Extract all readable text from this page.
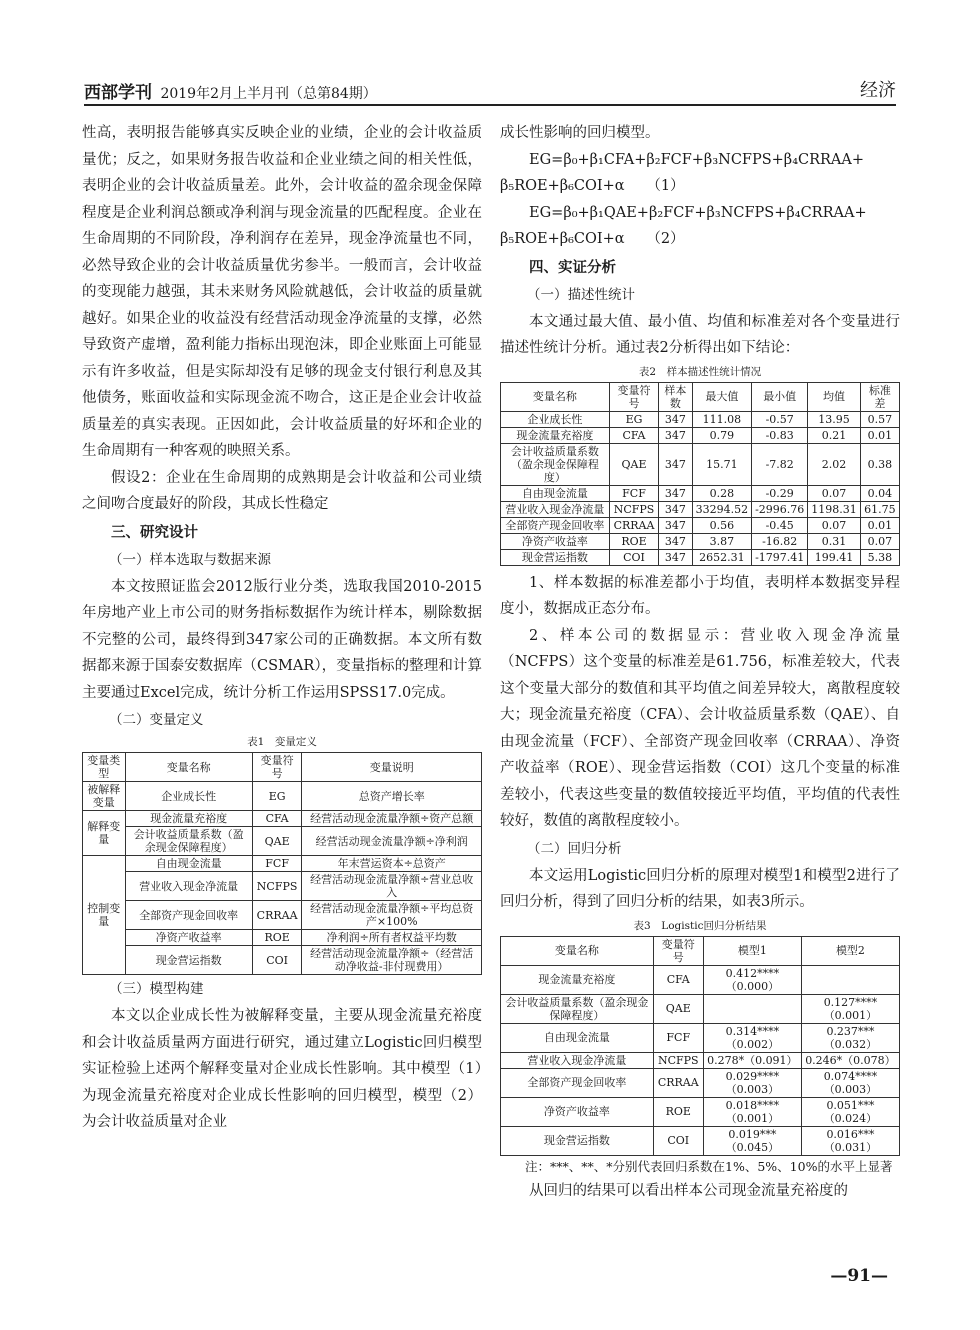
西部学刊 2019年2月上半月刊（总第84期）	经济

性高，表明报告能够真实反映企业的业绩，企业的会计收益质量优；反之，如果财务报告收益和企业业绩之间的相关性低，表明企业的会计收益质量差。此外，会计收益的盈余现金保障程度是企业利润总额或净利润与现金流量的匹配程度。企业在生命周期的不同阶段，净利润存在差异，现金净流量也不同，必然导致企业的会计收益质量优劣参半。一般而言，会计收益的变现能力越强，其未来财务风险就越低，会计收益的质量就越好。如果企业的收益没有经营活动现金净流量的支撑，必然导致资产虚增，盈利能力指标出现泡沫，即企业账面上可能显示有许多收益，但是实际却没有足够的现金支付银行利息及其他债务，账面收益和实际现金流不吻合，这正是企业会计收益质量差的真实表现。正因如此，会计收益质量的好坏和企业的生命周期有一种客观的映照关系。

假设2：企业在生命周期的成熟期是会计收益和公司业绩之间吻合度最好的阶段，其成长性稳定

三、研究设计
（一）样本选取与数据来源

本文按照证监会2012版行业分类，选取我国2010-2015年房地产业上市公司的财务指标数据作为统计样本，剔除数据不完整的公司，最终得到347家公司的正确数据。本文所有数据都来源于国泰安数据库（CSMAR），变量指标的整理和计算主要通过Excel完成，统计分析工作运用SPSS17.0完成。

（二）变量定义
表1　变量定义
变量类型	变量名称	变量符号	变量说明
被解释变量	企业成长性	EG	总资产增长率
解释变量	现金流量充裕度	CFA	经营活动现金流量净额÷资产总额
	会计收益质量系数（盈余现金保障程度）	QAE	经营活动现金流量净额÷净利润
控制变量	自由现金流量	FCF	年末营运资本÷总资产
	营业收入现金净流量	NCFPS	经营活动现金流量净额÷营业总收入
	全部资产现金回收率	CRRAA	经营活动现金流量净额÷平均总资产×100%
	净资产收益率	ROE	净利润÷所有者权益平均数
	现金营运指数	COI	经营活动现金流量净额÷（经营活动净收益-非付现费用）
（三）模型构建

本文以企业成长性为被解释变量，主要从现金流量充裕度和会计收益质量两方面进行研究，通过建立Logistic回归模型实证检验上述两个解释变量对企业成长性影响。其中模型（1）为现金流量充裕度对企业成长性影响的回归模型，模型（2）为会计收益质量对企业

成长性影响的回归模型。

EG=β₀+β₁CFA+β₂FCF+β₃NCFPS+β₄CRRAA+

β₅ROE+β₆COI+α　　（1）

EG=β₀+β₁QAE+β₂FCF+β₃NCFPS+β₄CRRAA+

β₅ROE+β₆COI+α　　（2）

四、实证分析
（一）描述性统计

本文通过最大值、最小值、均值和标准差对各个变量进行描述性统计分析。通过表2分析得出如下结论：

表2　样本描述性统计情况
变量名称	变量符号	样本数	最大值	最小值	均值	标准差
企业成长性	EG	347	111.08	-0.57	13.95	0.57
现金流量充裕度	CFA	347	0.79	-0.83	0.21	0.01
会计收益质量系数（盈余现金保障程度）	QAE	347	15.71	-7.82	2.02	0.38
自由现金流量	FCF	347	0.28	-0.29	0.07	0.04
营业收入现金净流量	NCFPS	347	33294.52	-2996.76	1198.31	61.75
全部资产现金回收率	CRRAA	347	0.56	-0.45	0.07	0.01
净资产收益率	ROE	347	3.87	-16.82	0.31	0.07
现金营运指数	COI	347	2652.31	-1797.41	199.41	5.38

1、样本数据的标准差都小于均值，表明样本数据变异程度小，数据成正态分布。

2、样本公司的数据显示：营业收入现金净流量（NCFPS）这个变量的标准差是61.756，标准差较大，代表这个变量大部分的数值和其平均值之间差异较大，离散程度较大；现金流量充裕度（CFA）、会计收益质量系数（QAE）、自由现金流量（FCF）、全部资产现金回收率（CRRAA）、净资产收益率（ROE）、现金营运指数（COI）这几个变量的标准差较小，代表这些变量的数值较接近平均值，平均值的代表性较好，数值的离散程度较小。

（二）回归分析

本文运用Logistic回归分析的原理对模型1和模型2进行了回归分析，得到了回归分析的结果，如表3所示。

表3　Logistic回归分析结果
变量名称	变量符号	模型1	模型2
现金流量充裕度	CFA	0.412****（0.000）	
会计收益质量系数（盈余现金保障程度）	QAE		0.127****（0.001）
自由现金流量	FCF	0.314****（0.002）	0.237***（0.032）
营业收入现金净流量	NCFPS	0.278*（0.091）	0.246*（0.078）
全部资产现金回收率	CRRAA	0.029****（0.003）	0.074****（0.003）
净资产收益率	ROE	0.018****（0.001）	0.051***（0.024）
现金营运指数	COI	0.019***（0.045）	0.016***（0.031）

注：***、**、*分别代表回归系数在1%、5%、10%的水平上显著

从回归的结果可以看出样本公司现金流量充裕度的

—91—
